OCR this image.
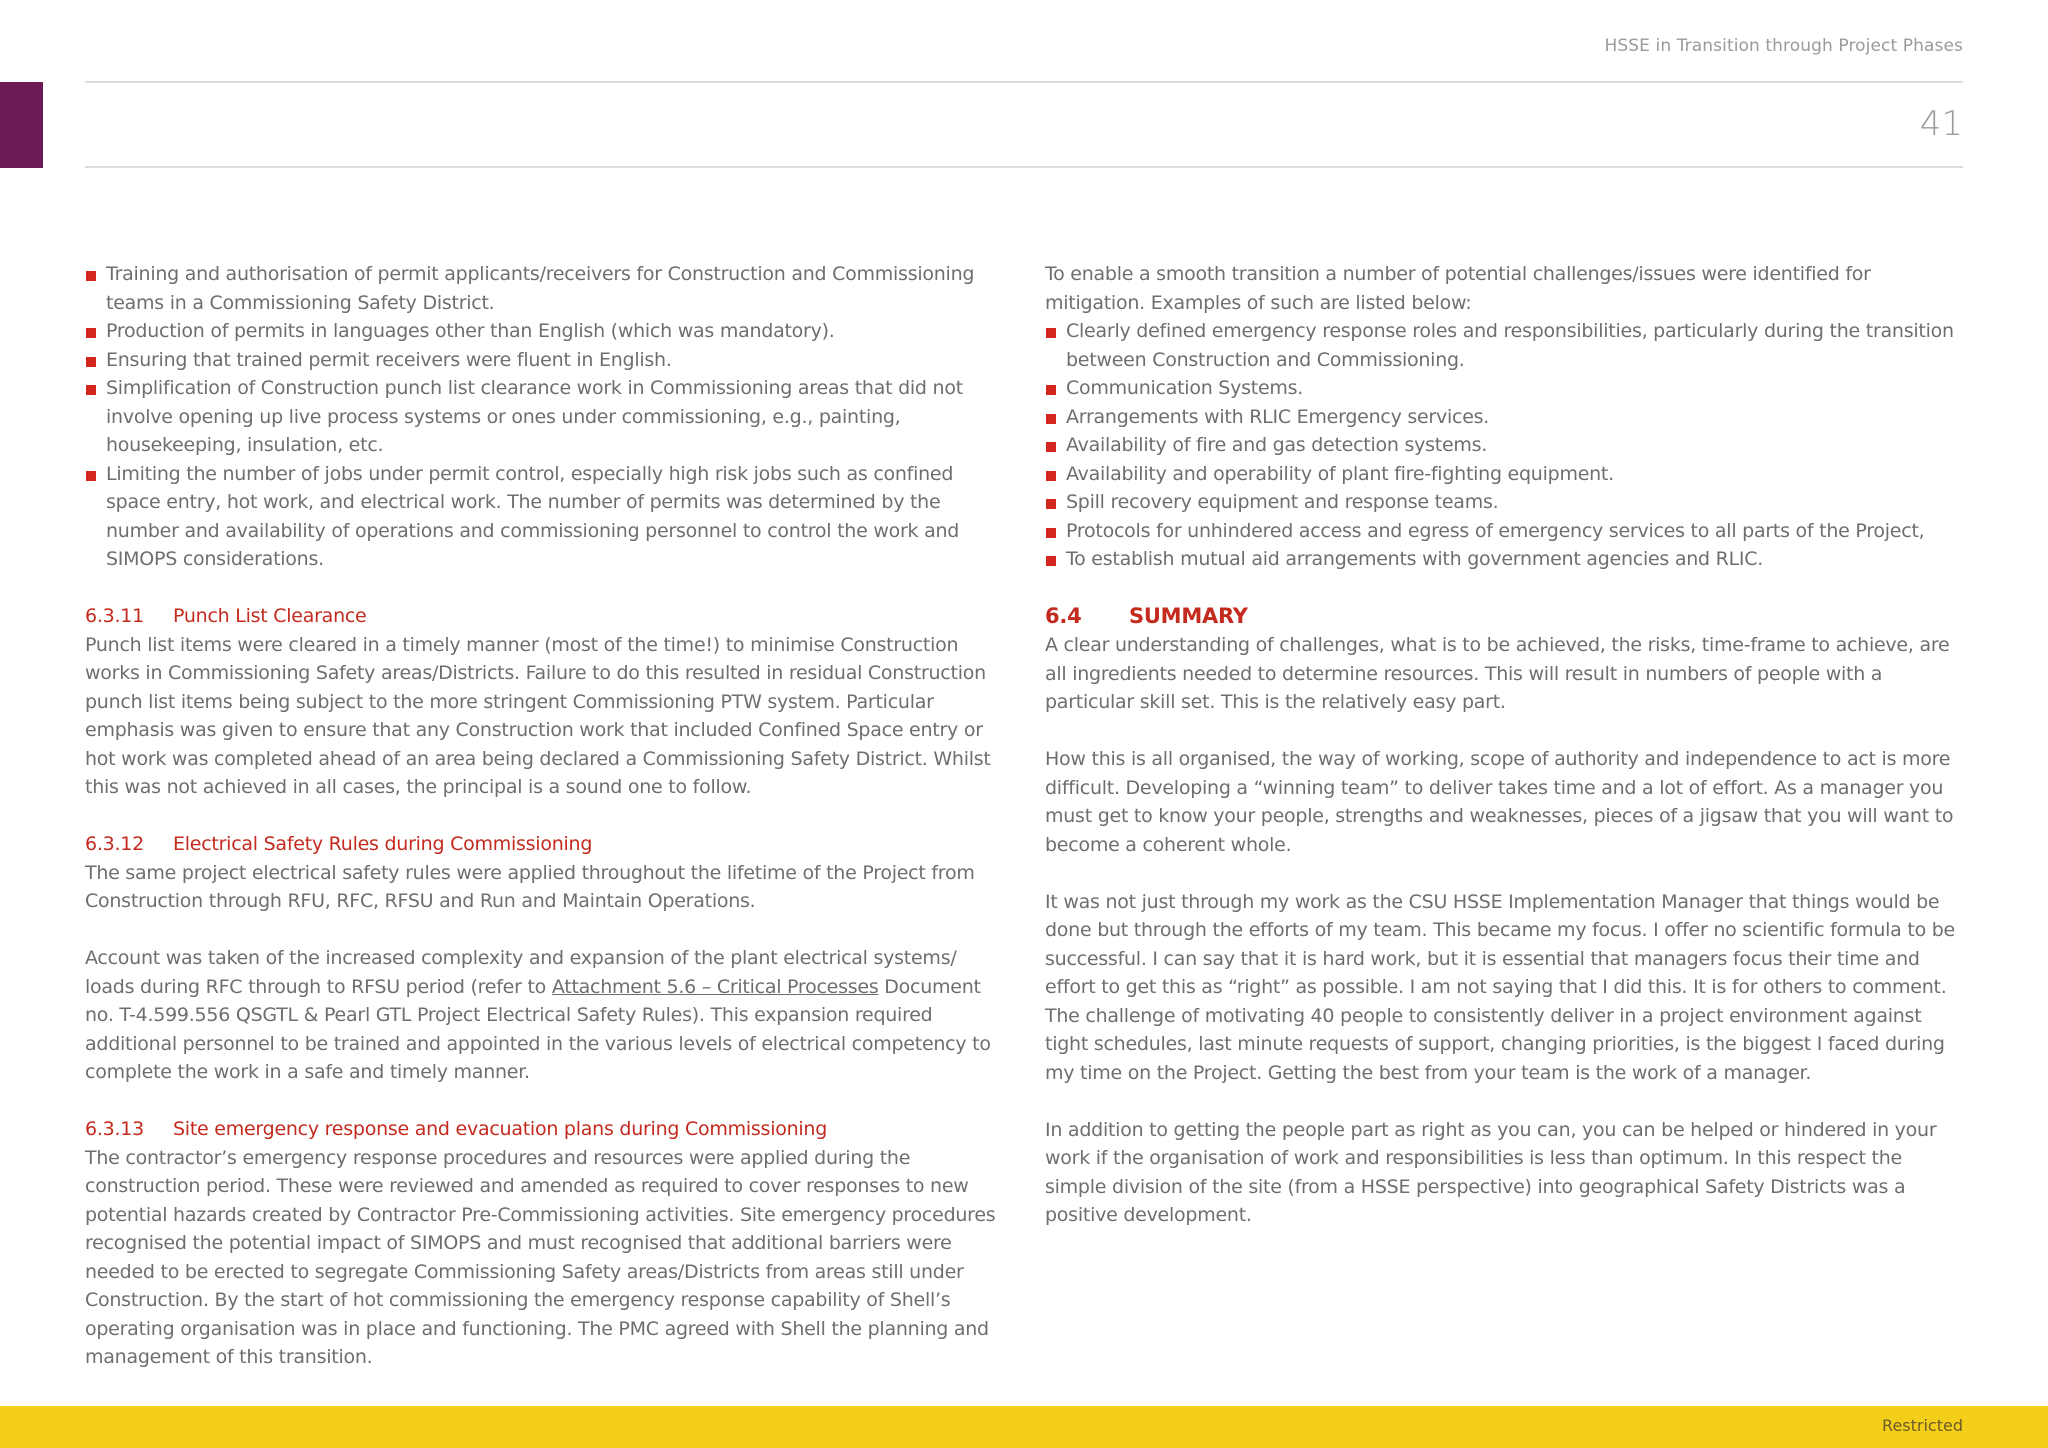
HSSE in Transition through Project Phases
41
Training and authorisation of permit applicants/receivers for Construction and Commissioning teams in a Commissioning Safety District.
Production of permits in languages other than English (which was mandatory).
Ensuring that trained permit receivers were fluent in English.
Simplification of Construction punch list clearance work in Commissioning areas that did not involve opening up live process systems or ones under commissioning, e.g., painting, housekeeping, insulation, etc.
Limiting the number of jobs under permit control, especially high risk jobs such as confined space entry, hot work, and electrical work. The number of permits was determined by the number and availability of operations and commissioning personnel to control the work and SIMOPS considerations.
6.3.11 Punch List Clearance

Punch list items were cleared in a timely manner (most of the time!) to minimise Construction works in Commissioning Safety areas/Districts. Failure to do this resulted in residual Construction punch list items being subject to the more stringent Commissioning PTW system. Particular emphasis was given to ensure that any Construction work that included Confined Space entry or hot work was completed ahead of an area being declared a Commissioning Safety District. Whilst this was not achieved in all cases, the principal is a sound one to follow.

6.3.12 Electrical Safety Rules during Commissioning

The same project electrical safety rules were applied throughout the lifetime of the Project from Construction through RFU, RFC, RFSU and Run and Maintain Operations.

Account was taken of the increased complexity and expansion of the plant electrical systems/ loads during RFC through to RFSU period (refer to Attachment 5.6 – Critical Processes Document no. T-4.599.556 QSGTL & Pearl GTL Project Electrical Safety Rules). This expansion required additional personnel to be trained and appointed in the various levels of electrical competency to complete the work in a safe and timely manner.

6.3.13 Site emergency response and evacuation plans during Commissioning

The contractor’s emergency response procedures and resources were applied during the construction period. These were reviewed and amended as required to cover responses to new potential hazards created by Contractor Pre-Commissioning activities. Site emergency procedures recognised the potential impact of SIMOPS and must recognised that additional barriers were needed to be erected to segregate Commissioning Safety areas/Districts from areas still under Construction. By the start of hot commissioning the emergency response capability of Shell’s operating organisation was in place and functioning. The PMC agreed with Shell the planning and management of this transition.

To enable a smooth transition a number of potential challenges/issues were identified for mitigation. Examples of such are listed below:

Clearly defined emergency response roles and responsibilities, particularly during the transition between Construction and Commissioning.
Communication Systems.
Arrangements with RLIC Emergency services.
Availability of fire and gas detection systems.
Availability and operability of plant fire-fighting equipment.
Spill recovery equipment and response teams.
Protocols for unhindered access and egress of emergency services to all parts of the Project,
To establish mutual aid arrangements with government agencies and RLIC.
6.4 SUMMARY

A clear understanding of challenges, what is to be achieved, the risks, time-frame to achieve, are all ingredients needed to determine resources. This will result in numbers of people with a particular skill set. This is the relatively easy part.

How this is all organised, the way of working, scope of authority and independence to act is more difficult. Developing a “winning team” to deliver takes time and a lot of effort. As a manager you must get to know your people, strengths and weaknesses, pieces of a jigsaw that you will want to become a coherent whole.

It was not just through my work as the CSU HSSE Implementation Manager that things would be done but through the efforts of my team. This became my focus. I offer no scientific formula to be successful. I can say that it is hard work, but it is essential that managers focus their time and effort to get this as “right” as possible. I am not saying that I did this. It is for others to comment. The challenge of motivating 40 people to consistently deliver in a project environment against tight schedules, last minute requests of support, changing priorities, is the biggest I faced during my time on the Project. Getting the best from your team is the work of a manager.

In addition to getting the people part as right as you can, you can be helped or hindered in your work if the organisation of work and responsibilities is less than optimum. In this respect the simple division of the site (from a HSSE perspective) into geographical Safety Districts was a positive development.

Restricted
